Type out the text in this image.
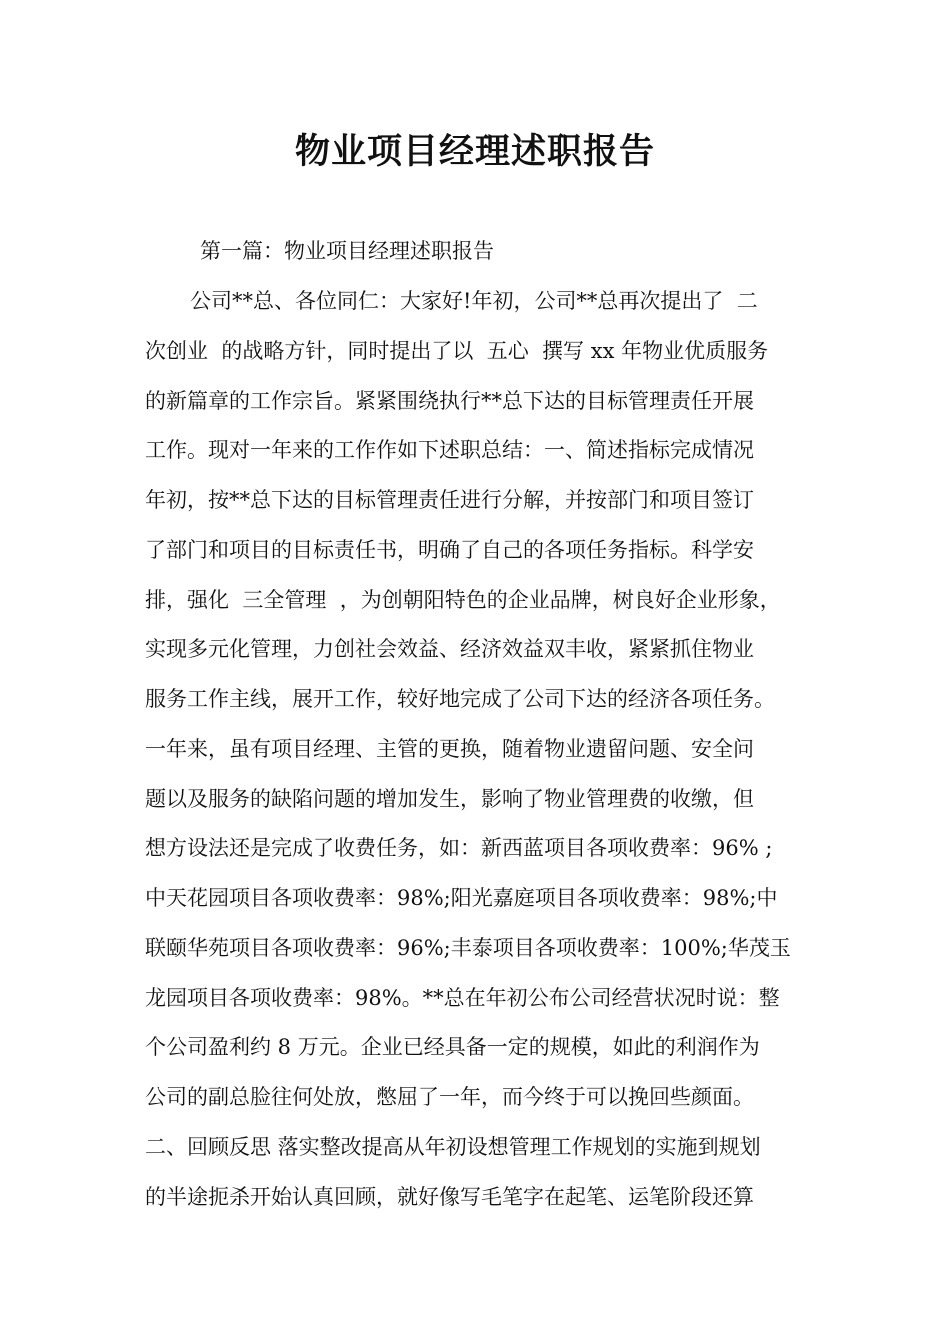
物业项目经理述职报告
第一篇：物业项目经理述职报告
公司**总、各位同仁：大家好!年初，公司**总再次提出了  二
次创业  的战略方针，同时提出了以  五心  撰写 xx 年物业优质服务
的新篇章的工作宗旨。紧紧围绕执行**总下达的目标管理责任开展
工作。现对一年来的工作作如下述职总结：一、简述指标完成情况
年初，按**总下达的目标管理责任进行分解，并按部门和项目签订
了部门和项目的目标责任书，明确了自己的各项任务指标。科学安
排，强化  三全管理  ，为创朝阳特色的企业品牌，树良好企业形象，
实现多元化管理，力创社会效益、经济效益双丰收，紧紧抓住物业
服务工作主线，展开工作，较好地完成了公司下达的经济各项任务。
一年来，虽有项目经理、主管的更换，随着物业遗留问题、安全问
题以及服务的缺陷问题的增加发生，影响了物业管理费的收缴，但
想方设法还是完成了收费任务，如：新西蓝项目各项收费率：96% ;
中天花园项目各项收费率：98%;阳光嘉庭项目各项收费率：98%;中
联颐华苑项目各项收费率：96%;丰泰项目各项收费率：100%;华茂玉
龙园项目各项收费率：98%。**总在年初公布公司经营状况时说：整
个公司盈利约 8 万元。企业已经具备一定的规模，如此的利润作为
公司的副总脸往何处放，憋屈了一年，而今终于可以挽回些颜面。
二、回顾反思 落实整改提高从年初设想管理工作规划的实施到规划
的半途扼杀开始认真回顾，就好像写毛笔字在起笔、运笔阶段还算
